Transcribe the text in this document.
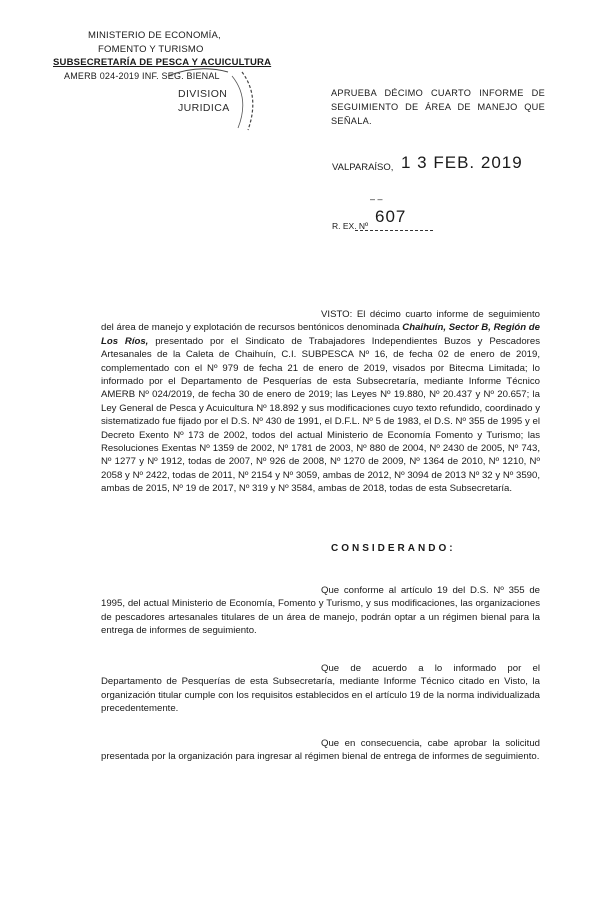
MINISTERIO DE ECONOMÍA,
FOMENTO Y TURISMO
SUBSECRETARÍA DE PESCA Y ACUICULTURA
AMERB 024-2019 INF. SEG. BIENAL
DIVISION
JURIDICA
APRUEBA DÉCIMO CUARTO INFORME DE SEGUIMIENTO DE ÁREA DE MANEJO QUE SEÑALA.
VALPARAÍSO, 1 3 FEB. 2019
– –
R. EX. Nº 607
VISTO: El décimo cuarto informe de seguimiento del área de manejo y explotación de recursos bentónicos denominada Chaihuín, Sector B, Región de Los Ríos, presentado por el Sindicato de Trabajadores Independientes Buzos y Pescadores Artesanales de la Caleta de Chaihuín, C.I. SUBPESCA Nº 16, de fecha 02 de enero de 2019, complementado con el Nº 979 de fecha 21 de enero de 2019, visados por Bitecma Limitada; lo informado por el Departamento de Pesquerías de esta Subsecretaría, mediante Informe Técnico AMERB Nº 024/2019, de fecha 30 de enero de 2019; las Leyes Nº 19.880, Nº 20.437 y Nº 20.657; la Ley General de Pesca y Acuicultura Nº 18.892 y sus modificaciones cuyo texto refundido, coordinado y sistematizado fue fijado por el D.S. Nº 430 de 1991, el D.F.L. Nº 5 de 1983, el D.S. Nº 355 de 1995 y el Decreto Exento Nº 173 de 2002, todos del actual Ministerio de Economía Fomento y Turismo; las Resoluciones Exentas Nº 1359 de 2002, Nº 1781 de 2003, Nº 880 de 2004, Nº 2430 de 2005, Nº 743, Nº 1277 y Nº 1912, todas de 2007, Nº 926 de 2008, Nº 1270 de 2009, Nº 1364 de 2010, Nº 1210, Nº 2058 y Nº 2422, todas de 2011, Nº 2154 y Nº 3059, ambas de 2012, Nº 3094 de 2013 Nº 32 y Nº 3590, ambas de 2015, Nº 19 de 2017, Nº 319 y Nº 3584, ambas de 2018, todas de esta Subsecretaría.
CONSIDERANDO:
Que conforme al artículo 19 del D.S. Nº 355 de 1995, del actual Ministerio de Economía, Fomento y Turismo, y sus modificaciones, las organizaciones de pescadores artesanales titulares de un área de manejo, podrán optar a un régimen bienal para la entrega de informes de seguimiento.
Que de acuerdo a lo informado por el Departamento de Pesquerías de esta Subsecretaría, mediante Informe Técnico citado en Visto, la organización titular cumple con los requisitos establecidos en el artículo 19 de la norma individualizada precedentemente.
Que en consecuencia, cabe aprobar la solicitud presentada por la organización para ingresar al régimen bienal de entrega de informes de seguimiento.
